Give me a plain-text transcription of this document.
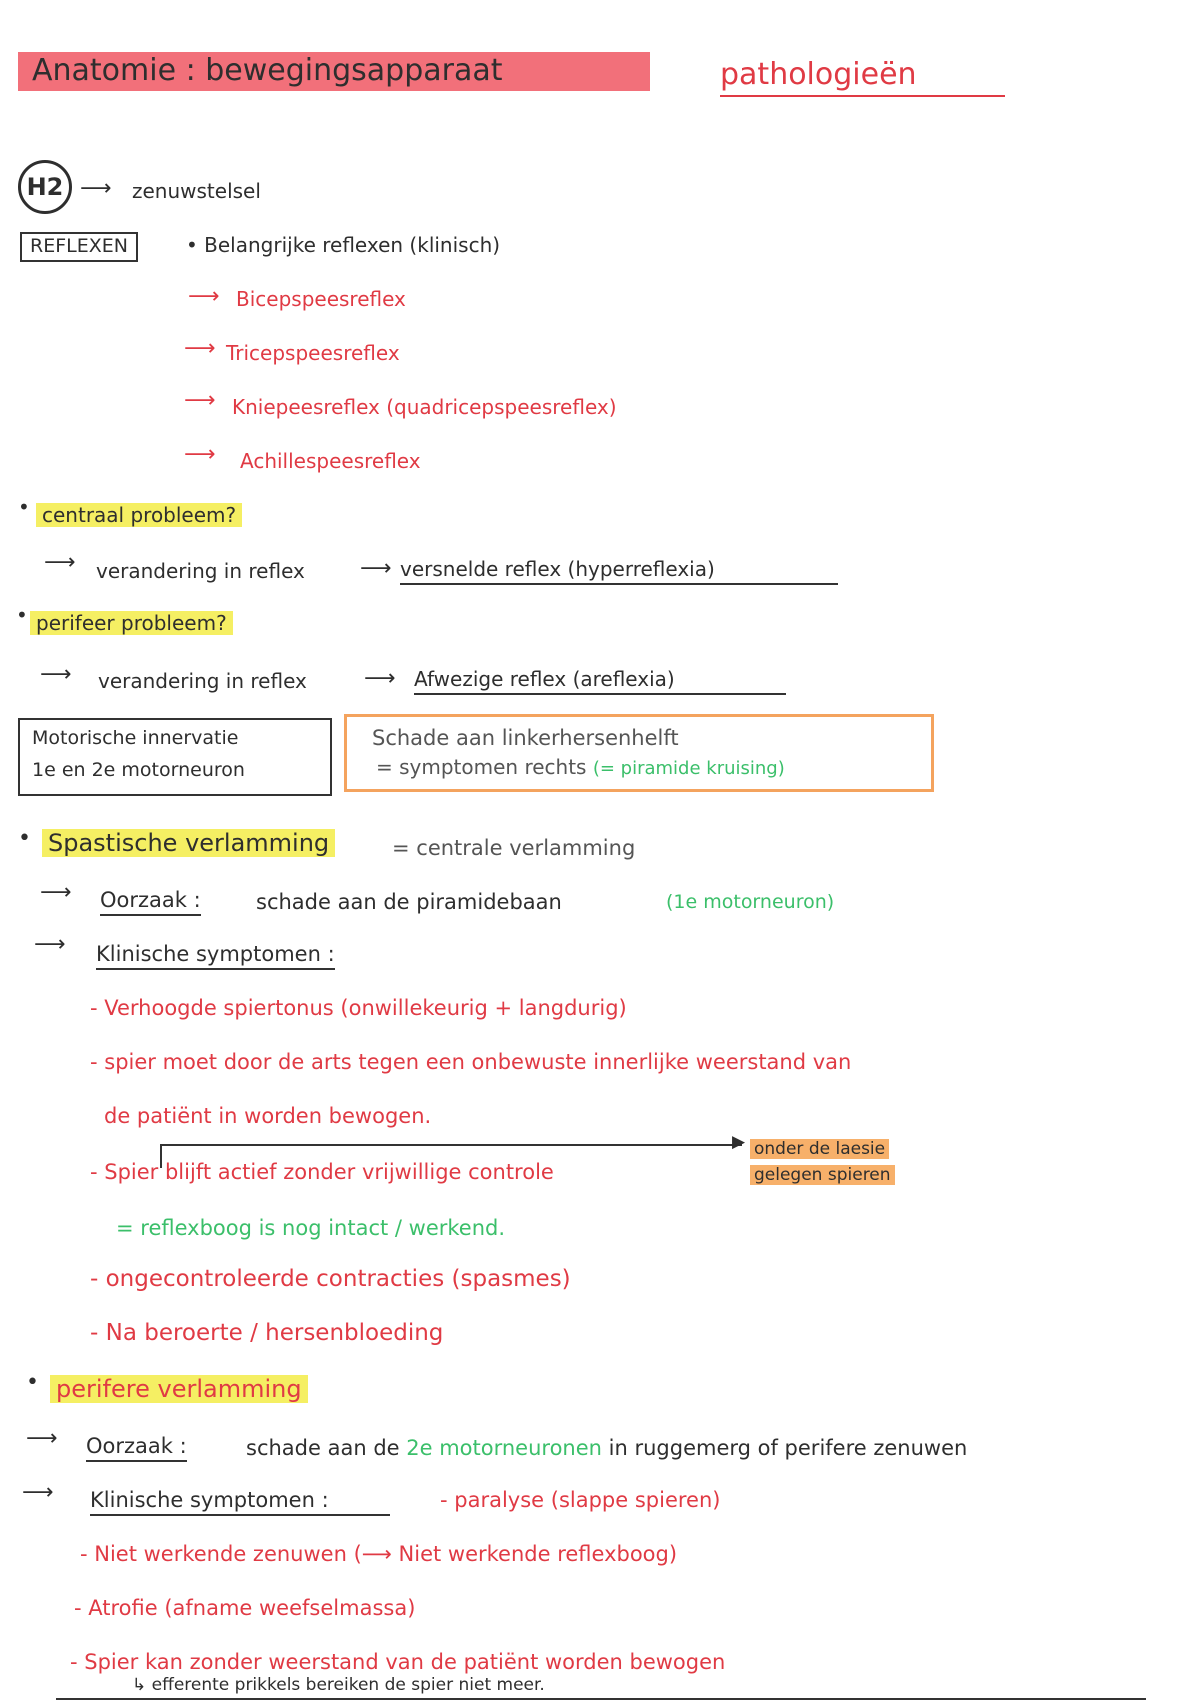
Anatomie : bewegingsapparaat	pathologieën
H2 ⟶ zenuwstelsel
REFLEXEN	• Belangrijke reflexen (klinisch)
⟶ Bicepspeesreflex
⟶ Tricepspeesreflex
⟶ Kniepeesreflex (quadricepspeesreflex)
⟶ Achillespeesreflex
• centraal probleem?
⟶ verandering in reflex	⟶ versnelde reflex (hyperreflexia)
• perifeer probleem?
⟶ verandering in reflex	⟶ Afwezige reflex (areflexia)
Motorische innervatie
1e en 2e motorneuron
Schade aan linkerhersenhelft
= symptomen rechts (= piramide kruising)
• Spastische verlamming	= centrale verlamming
⟶ Oorzaak :	schade aan de piramidebaan	(1e motorneuron)
⟶ Klinische symptomen :
- Verhoogde spiertonus (onwillekeurig + langdurig)
- spier moet door de arts tegen een onbewuste innerlijke weerstand van
de patiënt in worden bewogen.
▶
- Spier blijft actief zonder vrijwillige controle
onder de laesie
gelegen spieren
= reflexboog is nog intact / werkend.
- ongecontroleerde contracties (spasmes)
- Na beroerte / hersenbloeding
• perifere verlamming
⟶ Oorzaak :	schade aan de 2e motorneuronen in ruggemerg of perifere zenuwen
⟶ Klinische symptomen :	- paralyse (slappe spieren)
- Niet werkende zenuwen (⟶ Niet werkende reflexboog)
- Atrofie (afname weefselmassa)
- Spier kan zonder weerstand van de patiënt worden bewogen
↳ efferente prikkels bereiken de spier niet meer.
